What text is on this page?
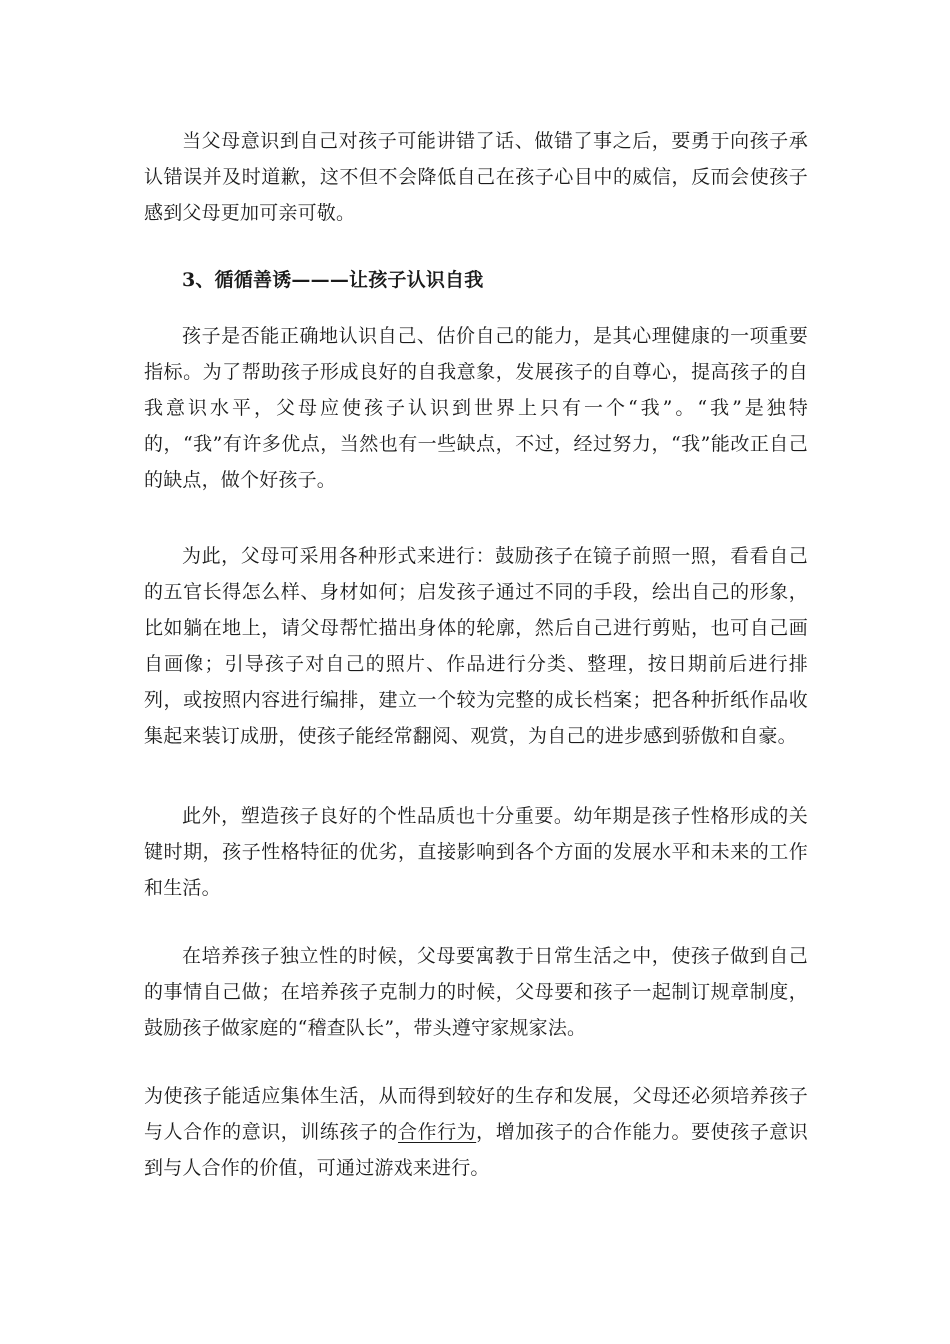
当父母意识到自己对孩子可能讲错了话、做错了事之后，要勇于向孩子承认错误并及时道歉，这不但不会降低自己在孩子心目中的威信，反而会使孩子感到父母更加可亲可敬。

3、循循善诱———让孩子认识自我

孩子是否能正确地认识自己、估价自己的能力，是其心理健康的一项重要指标。为了帮助孩子形成良好的自我意象，发展孩子的自尊心，提高孩子的自我意识水平，父母应使孩子认识到世界上只有一个“我”。“我”是独特的，“我”有许多优点，当然也有一些缺点，不过，经过努力，“我”能改正自己的缺点，做个好孩子。

为此，父母可采用各种形式来进行：鼓励孩子在镜子前照一照，看看自己的五官长得怎么样、身材如何；启发孩子通过不同的手段，绘出自己的形象，比如躺在地上，请父母帮忙描出身体的轮廓，然后自己进行剪贴，也可自己画自画像；引导孩子对自己的照片、作品进行分类、整理，按日期前后进行排列，或按照内容进行编排，建立一个较为完整的成长档案；把各种折纸作品收集起来装订成册，使孩子能经常翻阅、观赏，为自己的进步感到骄傲和自豪。

此外，塑造孩子良好的个性品质也十分重要。幼年期是孩子性格形成的关键时期，孩子性格特征的优劣，直接影响到各个方面的发展水平和未来的工作和生活。

在培养孩子独立性的时候，父母要寓教于日常生活之中，使孩子做到自己的事情自己做；在培养孩子克制力的时候，父母要和孩子一起制订规章制度，鼓励孩子做家庭的“稽查队长”，带头遵守家规家法。

为使孩子能适应集体生活，从而得到较好的生存和发展，父母还必须培养孩子与人合作的意识，训练孩子的合作行为，增加孩子的合作能力。要使孩子意识到与人合作的价值，可通过游戏来进行。
